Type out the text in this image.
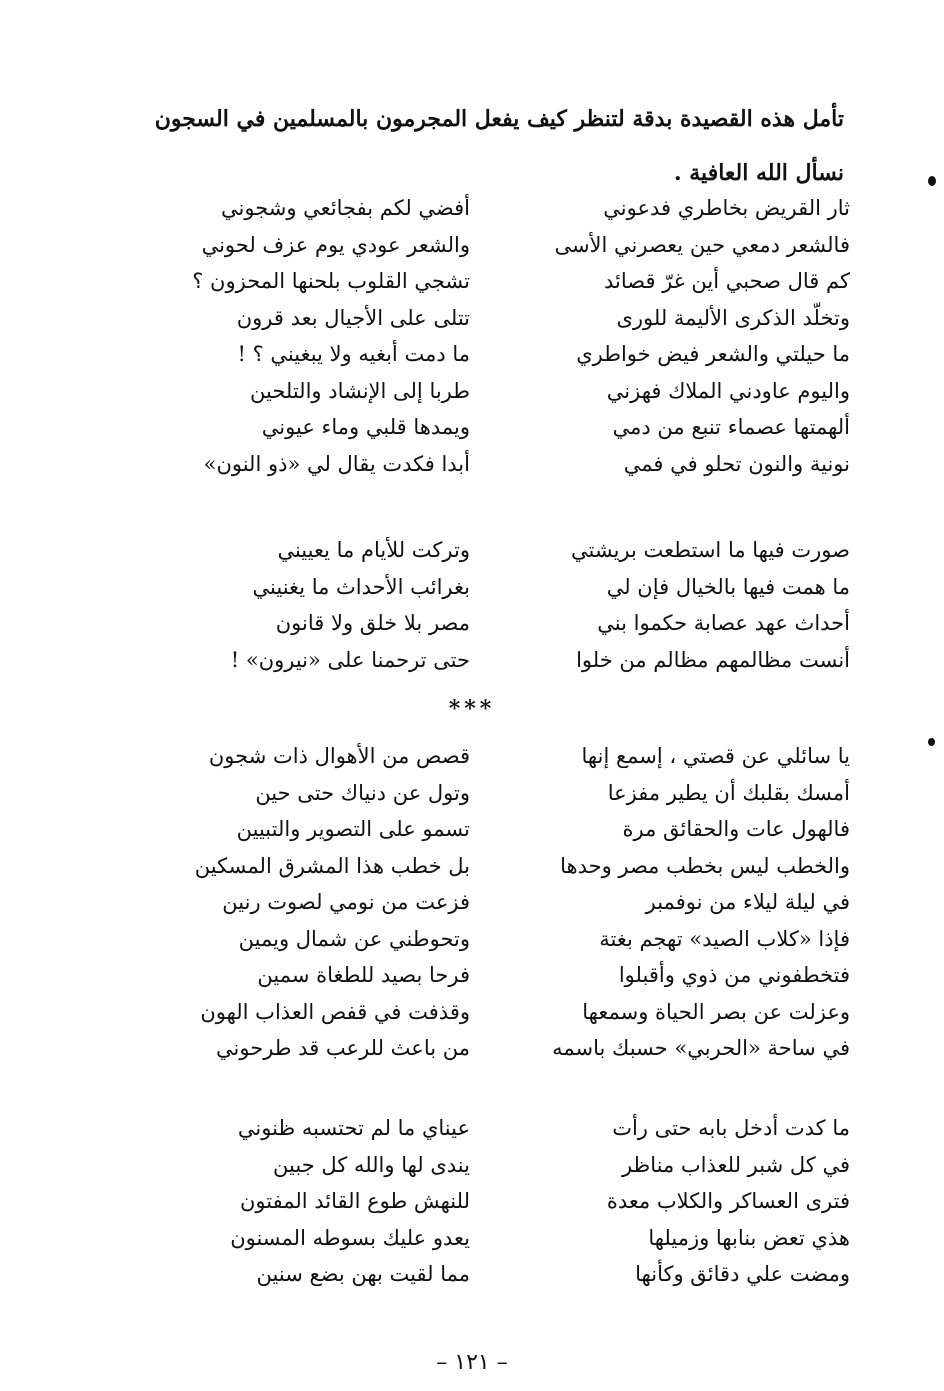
تأمل هذه القصيدة بدقة لتنظر كيف يفعل المجرمون بالمسلمين في السجون
نسأل الله العافية .
ثار القريض بخاطري فدعوني
أفضي لكم بفجائعي وشجوني
فالشعر دمعي حين يعصرني الأسى
والشعر عودي يوم عزف لحوني
كم قال صحبي أين غرّ قصائد
تشجي القلوب بلحنها المحزون ؟
وتخلّد الذكرى الأليمة للورى
تتلى على الأجيال بعد قرون
ما حيلتي والشعر فيض خواطري
ما دمت أبغيه ولا يبغيني ؟ !
واليوم عاودني الملاك فهزني
طربا إلى الإنشاد والتلحين
ألهمتها عصماء تنبع من دمي
ويمدها قلبي وماء عيوني
نونية والنون تحلو في فمي
أبدا فكدت يقال لي «ذو النون»
صورت فيها ما استطعت بريشتي
وتركت للأيام ما يعييني
ما همت فيها بالخيال فإن لي
بغرائب الأحداث ما يغنيني
أحداث عهد عصابة حكموا بني
مصر بلا خلق ولا قانون
أنست مظالمهم مظالم من خلوا
حتى ترحمنا على «نيرون» !
***
يا سائلي عن قصتي ، إسمع إنها
قصص من الأهوال ذات شجون
أمسك بقلبك أن يطير مفزعا
وتول عن دنياك حتى حين
فالهول عات والحقائق مرة
تسمو على التصوير والتبيين
والخطب ليس بخطب مصر وحدها
بل خطب هذا المشرق المسكين
في ليلة ليلاء من نوفمبر
فزعت من نومي لصوت رنين
فإذا «كلاب الصيد» تهجم بغتة
وتحوطني عن شمال ويمين
فتخطفوني من ذوي وأقبلوا
فرحا بصيد للطغاة سمين
وعزلت عن بصر الحياة وسمعها
وقذفت في قفص العذاب الهون
في ساحة «الحربي» حسبك باسمه
من باعث للرعب قد طرحوني
ما كدت أدخل بابه حتى رأت
عيناي ما لم تحتسبه ظنوني
في كل شبر للعذاب مناظر
يندى لها والله كل جبين
فترى العساكر والكلاب معدة
للنهش طوع القائد المفتون
هذي تعض بنابها وزميلها
يعدو عليك بسوطه المسنون
ومضت علي دقائق وكأنها
مما لقيت بهن بضع سنين
– ١٢١ –
